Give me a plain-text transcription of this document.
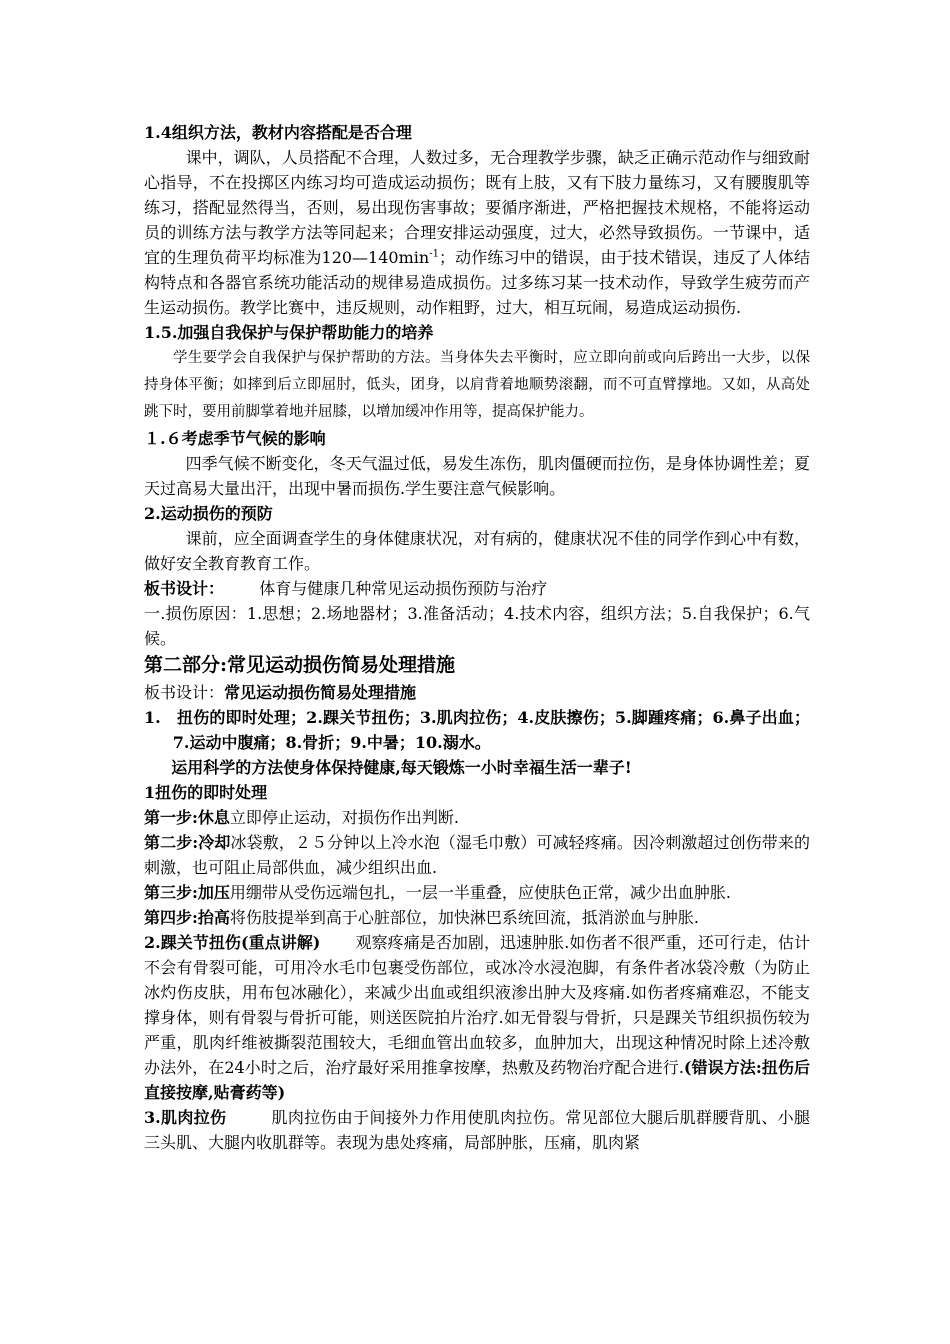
1.4组织方法，教材内容搭配是否合理

课中，调队，人员搭配不合理，人数过多，无合理教学步骤，缺乏正确示范动作与细致耐心指导，不在投掷区内练习均可造成运动损伤；既有上肢，又有下肢力量练习，又有腰腹肌等练习，搭配显然得当，否则，易出现伤害事故；要循序渐进，严格把握技术规格，不能将运动员的训练方法与教学方法等同起来；合理安排运动强度，过大，必然导致损伤。一节课中，适宜的生理负荷平均标准为$120—140\min^{-1}$；动作练习中的错误，由于技术错误，违反了人体结构特点和各器官系统功能活动的规律易造成损伤。过多练习某一技术动作，导致学生疲劳而产生运动损伤。教学比赛中，违反规则，动作粗野，过大，相互玩闹，易造成运动损伤.

1.5.加强自我保护与保护帮助能力的培养

学生要学会自我保护与保护帮助的方法。当身体失去平衡时，应立即向前或向后跨出一大步，以保持身体平衡；如摔到后立即屈肘，低头，团身，以肩背着地顺势滚翻，而不可直臂撑地。又如，从高处跳下时，要用前脚掌着地并屈膝，以增加缓冲作用等，提高保护能力。

１.６考虑季节气候的影响

四季气候不断变化，冬天气温过低，易发生冻伤，肌肉僵硬而拉伤，是身体协调性差；夏天过高易大量出汗，出现中暑而损伤.学生要注意气候影响。

2.运动损伤的预防

课前，应全面调查学生的身体健康状况，对有病的，健康状况不佳的同学作到心中有数，做好安全教育教育工作。

板书设计： 体育与健康几种常见运动损伤预防与治疗

一.损伤原因：1.思想；2.场地器材；3.准备活动；4.技术内容，组织方法；5.自我保护；6.气候。

第二部分:常见运动损伤简易处理措施

板书设计：常见运动损伤简易处理措施

1.　扭伤的即时处理；2.踝关节扭伤；3.肌肉拉伤；4.皮肤擦伤；5.脚踵疼痛；6.鼻子出血；7.运动中腹痛；8.骨折；9.中暑；10.溺水。

运用科学的方法使身体保持健康,每天锻炼一小时幸福生活一辈子!

1扭伤的即时处理

第一步:休息立即停止运动，对损伤作出判断.

第二步:冷却冰袋敷，２５分钟以上冷水泡（湿毛巾敷）可减轻疼痛。因冷刺激超过创伤带来的刺激，也可阻止局部供血，减少组织出血.

第三步:加压用绷带从受伤远端包扎，一层一半重叠，应使肤色正常，减少出血肿胀.

第四步:抬高将伤肢提举到高于心脏部位，加快淋巴系统回流，抵消淤血与肿胀.

2.踝关节扭伤(重点讲解) 观察疼痛是否加剧，迅速肿胀.如伤者不很严重，还可行走，估计不会有骨裂可能，可用冷水毛巾包裹受伤部位，或冰冷水浸泡脚，有条件者冰袋冷敷（为防止冰灼伤皮肤，用布包冰融化），来减少出血或组织液渗出肿大及疼痛.如伤者疼痛难忍，不能支撑身体，则有骨裂与骨折可能，则送医院拍片治疗.如无骨裂与骨折，只是踝关节组织损伤较为严重，肌肉纤维被撕裂范围较大，毛细血管出血较多，血肿加大，出现这种情况时除上述冷敷办法外，在24小时之后，治疗最好采用推拿按摩，热敷及药物治疗配合进行.(错误方法:扭伤后直接按摩,贴膏药等)

3.肌肉拉伤	肌肉拉伤由于间接外力作用使肌肉拉伤。常见部位大腿后肌群腰背肌、小腿三头肌、大腿内收肌群等。表现为患处疼痛，局部肿胀，压痛，肌肉紧
